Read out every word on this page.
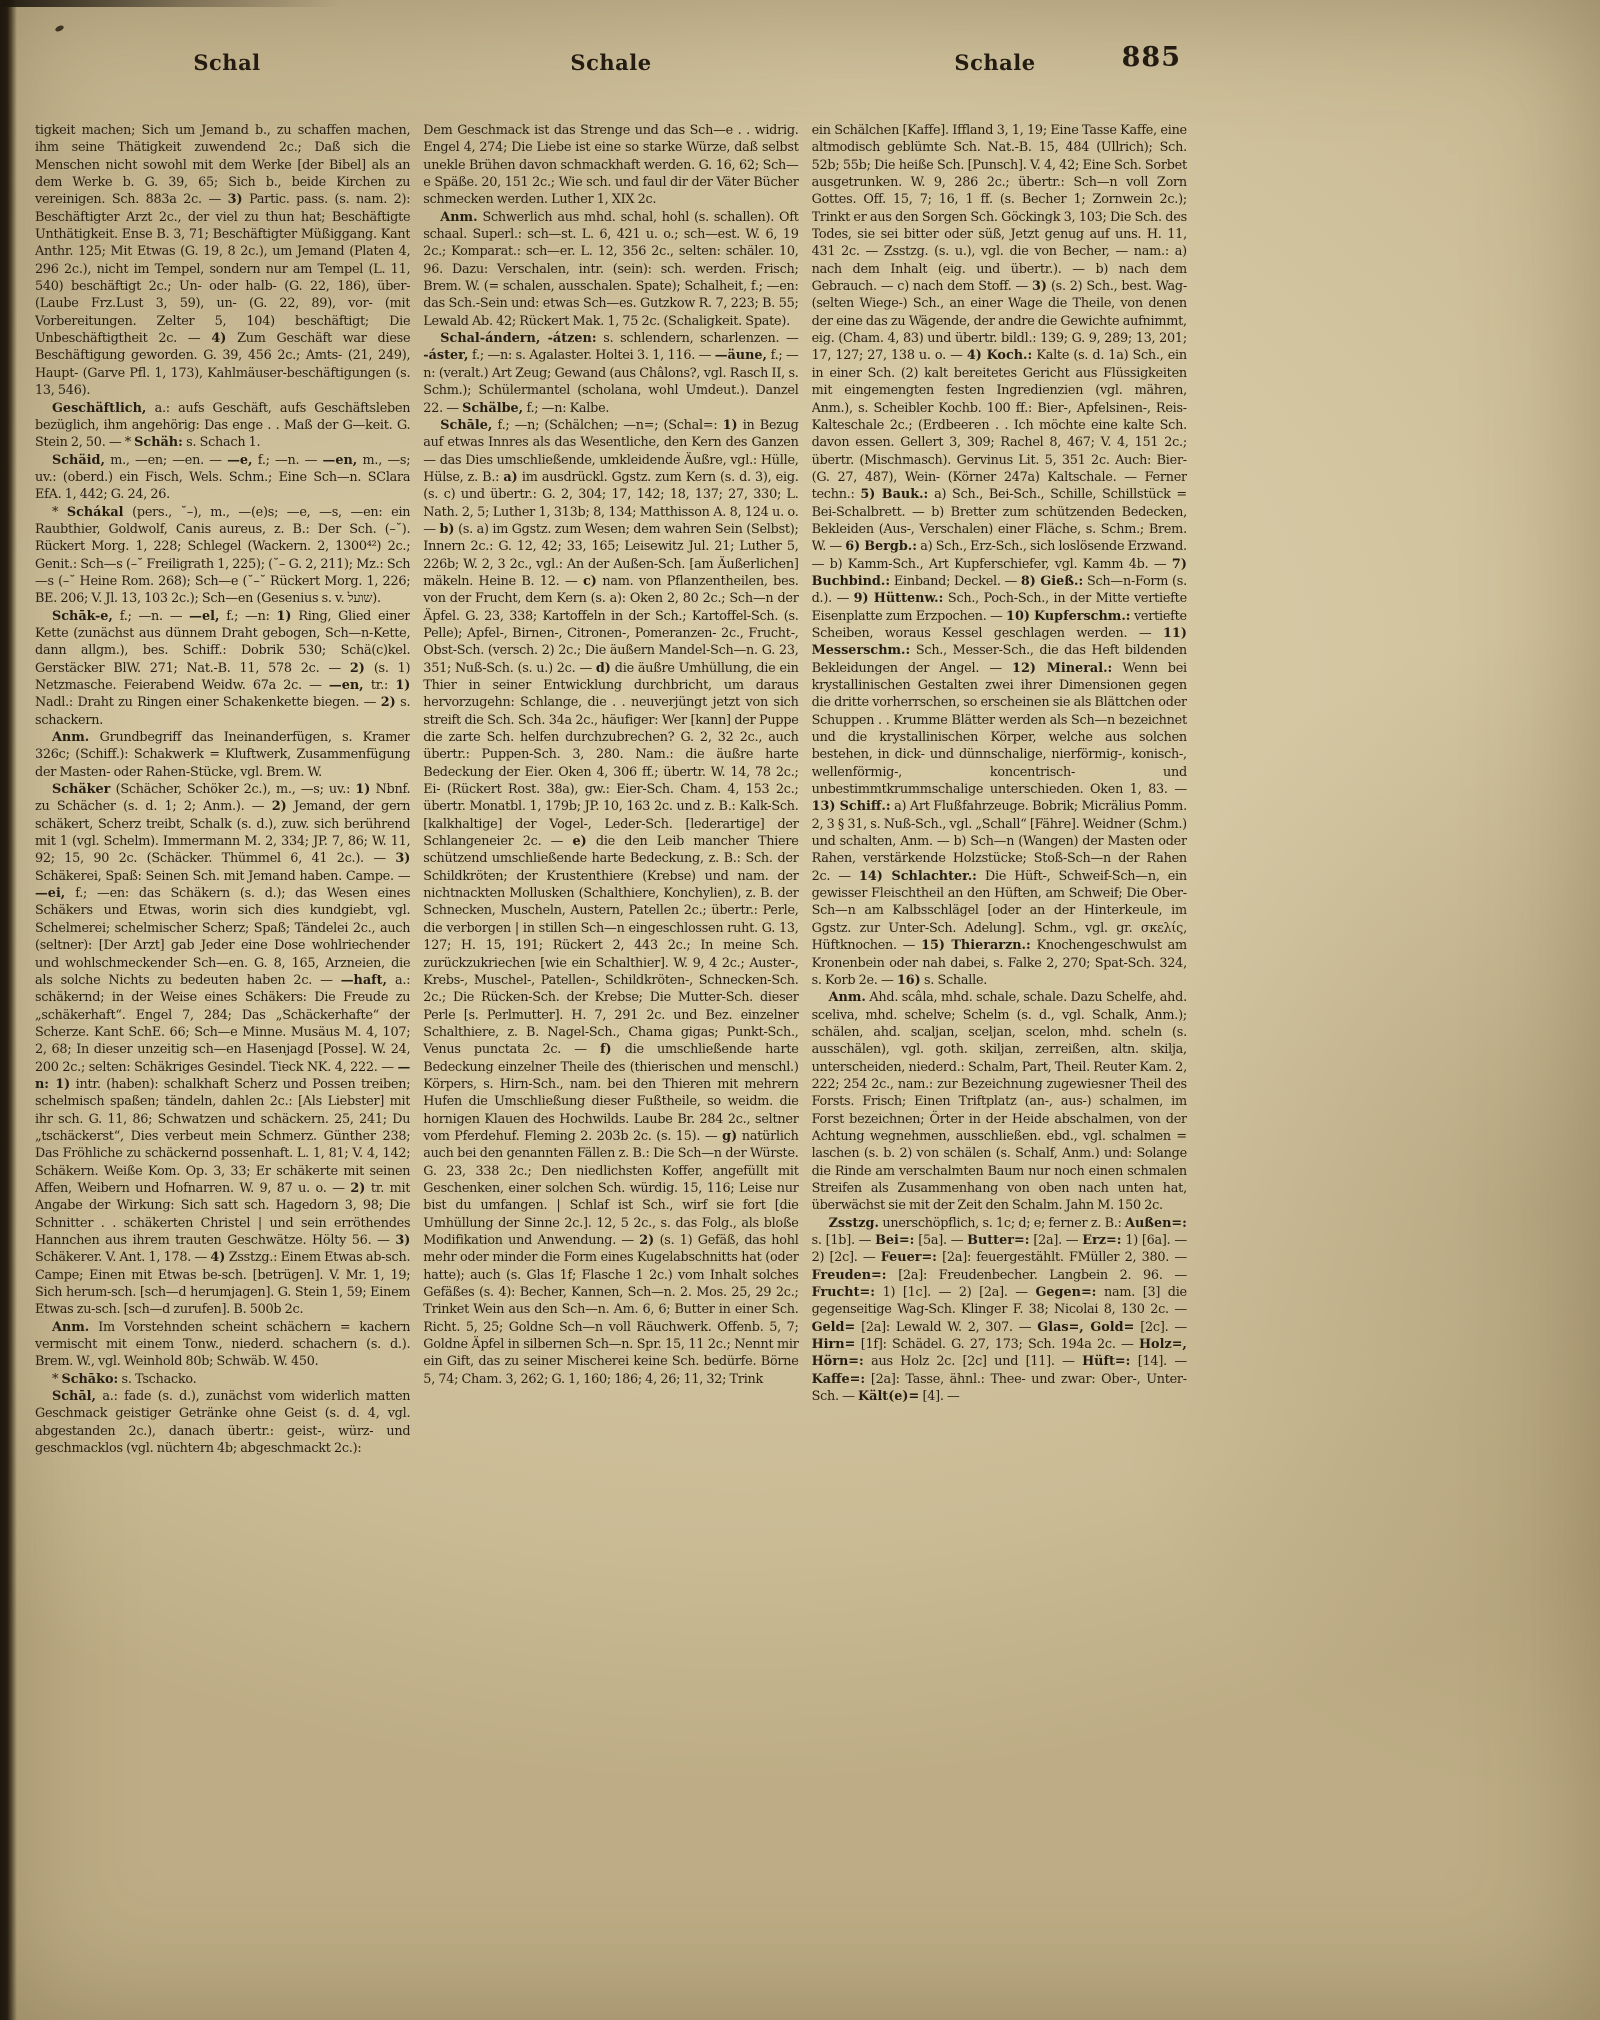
Schal	Schale	Schale	885

tigkeit machen; Sich um Jemand b., zu schaffen machen, ihm seine Thätigkeit zuwendend 2c.; Daß sich die Menschen nicht sowohl mit dem Werke [der Bibel] als an dem Werke b. G. 39, 65; Sich b., beide Kirchen zu vereinigen. Sch. 883a 2c. — 3) Partic. pass. (s. nam. 2): Beschäftigter Arzt 2c., der viel zu thun hat; Beschäftigte Unthätigkeit. Ense B. 3, 71; Beschäftigter Müßiggang. Kant Anthr. 125; Mit Etwas (G. 19, 8 2c.), um Jemand (Platen 4, 296 2c.), nicht im Tempel, sondern nur am Tempel (L. 11, 540) beschäftigt 2c.; Un- oder halb- (G. 22, 186), über- (Laube Frz.Lust 3, 59), un- (G. 22, 89), vor- (mit Vorbereitungen. Zelter 5, 104) beschäftigt; Die Unbeschäftigtheit 2c. — 4) Zum Geschäft war diese Beschäftigung geworden. G. 39, 456 2c.; Amts- (21, 249), Haupt- (Garve Pfl. 1, 173), Kahlmäuser-beschäftigungen (s. 13, 546).

Geschäftlich, a.: aufs Geschäft, aufs Geschäftsleben bezüglich, ihm angehörig: Das enge . . Maß der G—keit. G. Stein 2, 50. — * Schäh: s. Schach 1.

Schäid, m., —en; —en. — —e, f.; —n. — —en, m., —s; uv.: (oberd.) ein Fisch, Wels. Schm.; Eine Sch—n. SClara EfA. 1, 442; G. 24, 26.

* Schákal (pers., ˘–), m., —(e)s; —e, —s, —en: ein Raubthier, Goldwolf, Canis aureus, z. B.: Der Sch. (–˘). Rückert Morg. 1, 228; Schlegel (Wackern. 2, 1300⁴²) 2c.; Genit.: Sch—s (–˘ Freiligrath 1, 225); (˘– G. 2, 211); Mz.: Sch—s (–˘ Heine Rom. 268); Sch—e (˘–˘ Rückert Morg. 1, 226; BE. 206; V. Jl. 13, 103 2c.); Sch—en (Gesenius s. v. שועל).

Schāk-e, f.; —n. — —el, f.; —n: 1) Ring, Glied einer Kette (zunächst aus dünnem Draht gebogen, Sch—n-Kette, dann allgm.), bes. Schiff.: Dobrik 530; Schä(c)kel. Gerstäcker BlW. 271; Nat.-B. 11, 578 2c. — 2) (s. 1) Netzmasche. Feierabend Weidw. 67a 2c. — —en, tr.: 1) Nadl.: Draht zu Ringen einer Schakenkette biegen. — 2) s. schackern.

Anm. Grundbegriff das Ineinanderfügen, s. Kramer 326c; (Schiff.): Schakwerk = Kluftwerk, Zusammenfügung der Masten- oder Rahen-Stücke, vgl. Brem. W.

Schäker (Schächer, Schöker 2c.), m., —s; uv.: 1) Nbnf. zu Schächer (s. d. 1; 2; Anm.). — 2) Jemand, der gern schäkert, Scherz treibt, Schalk (s. d.), zuw. sich berührend mit 1 (vgl. Schelm). Immermann M. 2, 334; JP. 7, 86; W. 11, 92; 15, 90 2c. (Schäcker. Thümmel 6, 41 2c.). — 3) Schäkerei, Spaß: Seinen Sch. mit Jemand haben. Campe. — —ei, f.; —en: das Schäkern (s. d.); das Wesen eines Schäkers und Etwas, worin sich dies kundgiebt, vgl. Schelmerei; schelmischer Scherz; Spaß; Tändelei 2c., auch (seltner): [Der Arzt] gab Jeder eine Dose wohlriechender und wohlschmeckender Sch—en. G. 8, 165, Arzneien, die als solche Nichts zu bedeuten haben 2c. — —haft, a.: schäkernd; in der Weise eines Schäkers: Die Freude zu „schäkerhaft“. Engel 7, 284; Das „Schäckerhafte“ der Scherze. Kant SchE. 66; Sch—e Minne. Musäus M. 4, 107; 2, 68; In dieser unzeitig sch—en Hasenjagd [Posse]. W. 24, 200 2c.; selten: Schäkriges Gesindel. Tieck NK. 4, 222. — —n: 1) intr. (haben): schalkhaft Scherz und Possen treiben; schelmisch spaßen; tändeln, dahlen 2c.: [Als Liebster] mit ihr sch. G. 11, 86; Schwatzen und schäckern. 25, 241; Du „tschäckerst“, Dies verbeut mein Schmerz. Günther 238; Das Fröhliche zu schäckernd possenhaft. L. 1, 81; V. 4, 142; Schäkern. Weiße Kom. Op. 3, 33; Er schäkerte mit seinen Affen, Weibern und Hofnarren. W. 9, 87 u. o. — 2) tr. mit Angabe der Wirkung: Sich satt sch. Hagedorn 3, 98; Die Schnitter . . schäkerten Christel | und sein erröthendes Hannchen aus ihrem trauten Geschwätze. Hölty 56. — 3) Schäkerer. V. Ant. 1, 178. — 4) Zsstzg.: Einem Etwas ab-sch. Campe; Einen mit Etwas be-sch. [betrügen]. V. Mr. 1, 19; Sich herum-sch. [sch—d herumjagen]. G. Stein 1, 59; Einem Etwas zu-sch. [sch—d zurufen]. B. 500b 2c.

Anm. Im Vorstehnden scheint schächern = kachern vermischt mit einem Tonw., niederd. schachern (s. d.). Brem. W., vgl. Weinhold 80b; Schwäb. W. 450.

* Schāko: s. Tschacko.

Schāl, a.: fade (s. d.), zunächst vom widerlich matten Geschmack geistiger Getränke ohne Geist (s. d. 4, vgl. abgestanden 2c.), danach übertr.: geist-, würz- und geschmacklos (vgl. nüchtern 4b; abgeschmackt 2c.):

Dem Geschmack ist das Strenge und das Sch—e . . widrig. Engel 4, 274; Die Liebe ist eine so starke Würze, daß selbst unekle Brühen davon schmackhaft werden. G. 16, 62; Sch—e Späße. 20, 151 2c.; Wie sch. und faul dir der Väter Bücher schmecken werden. Luther 1, XIX 2c.

Anm. Schwerlich aus mhd. schal, hohl (s. schallen). Oft schaal. Superl.: sch—st. L. 6, 421 u. o.; sch—est. W. 6, 19 2c.; Komparat.: sch—er. L. 12, 356 2c., selten: schäler. 10, 96. Dazu: Verschalen, intr. (sein): sch. werden. Frisch; Brem. W. (= schalen, ausschalen. Spate); Schalheit, f.; —en: das Sch.-Sein und: etwas Sch—es. Gutzkow R. 7, 223; B. 55; Lewald Ab. 42; Rückert Mak. 1, 75 2c. (Schaligkeit. Spate).

Schal-ándern, -átzen: s. schlendern, scharlenzen. — -áster, f.; —n: s. Agalaster. Holtei 3. 1, 116. — —äune, f.; —n: (veralt.) Art Zeug; Gewand (aus Châlons?, vgl. Rasch II, s. Schm.); Schülermantel (scholana, wohl Umdeut.). Danzel 22. — Schälbe, f.; —n: Kalbe.

Schāle, f.; —n; (Schälchen; —n=; (Schal=: 1) in Bezug auf etwas Innres als das Wesentliche, den Kern des Ganzen — das Dies umschließende, umkleidende Äußre, vgl.: Hülle, Hülse, z. B.: a) im ausdrückl. Ggstz. zum Kern (s. d. 3), eig. (s. c) und übertr.: G. 2, 304; 17, 142; 18, 137; 27, 330; L. Nath. 2, 5; Luther 1, 313b; 8, 134; Matthisson A. 8, 124 u. o. — b) (s. a) im Ggstz. zum Wesen; dem wahren Sein (Selbst); Innern 2c.: G. 12, 42; 33, 165; Leisewitz Jul. 21; Luther 5, 226b; W. 2, 3 2c., vgl.: An der Außen-Sch. [am Äußerlichen] mäkeln. Heine B. 12. — c) nam. von Pflanzentheilen, bes. von der Frucht, dem Kern (s. a): Oken 2, 80 2c.; Sch—n der Äpfel. G. 23, 338; Kartoffeln in der Sch.; Kartoffel-Sch. (s. Pelle); Apfel-, Birnen-, Citronen-, Pomeranzen- 2c., Frucht-, Obst-Sch. (versch. 2) 2c.; Die äußern Mandel-Sch—n. G. 23, 351; Nuß-Sch. (s. u.) 2c. — d) die äußre Umhüllung, die ein Thier in seiner Entwicklung durchbricht, um daraus hervorzugehn: Schlange, die . . neuverjüngt jetzt von sich streift die Sch. Sch. 34a 2c., häufiger: Wer [kann] der Puppe die zarte Sch. helfen durchzubrechen? G. 2, 32 2c., auch übertr.: Puppen-Sch. 3, 280. Nam.: die äußre harte Bedeckung der Eier. Oken 4, 306 ff.; übertr. W. 14, 78 2c.; Ei- (Rückert Rost. 38a), gw.: Eier-Sch. Cham. 4, 153 2c.; übertr. Monatbl. 1, 179b; JP. 10, 163 2c. und z. B.: Kalk-Sch. [kalkhaltige] der Vogel-, Leder-Sch. [lederartige] der Schlangeneier 2c. — e) die den Leib mancher Thiere schützend umschließende harte Bedeckung, z. B.: Sch. der Schildkröten; der Krustenthiere (Krebse) und nam. der nichtnackten Mollusken (Schalthiere, Konchylien), z. B. der Schnecken, Muscheln, Austern, Patellen 2c.; übertr.: Perle, die verborgen | in stillen Sch—n eingeschlossen ruht. G. 13, 127; H. 15, 191; Rückert 2, 443 2c.; In meine Sch. zurückzukriechen [wie ein Schalthier]. W. 9, 4 2c.; Auster-, Krebs-, Muschel-, Patellen-, Schildkröten-, Schnecken-Sch. 2c.; Die Rücken-Sch. der Krebse; Die Mutter-Sch. dieser Perle [s. Perlmutter]. H. 7, 291 2c. und Bez. einzelner Schalthiere, z. B. Nagel-Sch., Chama gigas; Punkt-Sch., Venus punctata 2c. — f) die umschließende harte Bedeckung einzelner Theile des (thierischen und menschl.) Körpers, s. Hirn-Sch., nam. bei den Thieren mit mehrern Hufen die Umschließung dieser Fußtheile, so weidm. die hornigen Klauen des Hochwilds. Laube Br. 284 2c., seltner vom Pferdehuf. Fleming 2. 203b 2c. (s. 15). — g) natürlich auch bei den genannten Fällen z. B.: Die Sch—n der Würste. G. 23, 338 2c.; Den niedlichsten Koffer, angefüllt mit Geschenken, einer solchen Sch. würdig. 15, 116; Leise nur bist du umfangen. | Schlaf ist Sch., wirf sie fort [die Umhüllung der Sinne 2c.]. 12, 5 2c., s. das Folg., als bloße Modifikation und Anwendung. — 2) (s. 1) Gefäß, das hohl mehr oder minder die Form eines Kugelabschnitts hat (oder hatte); auch (s. Glas 1f; Flasche 1 2c.) vom Inhalt solches Gefäßes (s. 4): Becher, Kannen, Sch—n. 2. Mos. 25, 29 2c.; Trinket Wein aus den Sch—n. Am. 6, 6; Butter in einer Sch. Richt. 5, 25; Goldne Sch—n voll Räuchwerk. Offenb. 5, 7; Goldne Äpfel in silbernen Sch—n. Spr. 15, 11 2c.; Nennt mir ein Gift, das zu seiner Mischerei keine Sch. bedürfe. Börne 5, 74; Cham. 3, 262; G. 1, 160; 186; 4, 26; 11, 32; Trink

ein Schälchen [Kaffe]. Iffland 3, 1, 19; Eine Tasse Kaffe, eine altmodisch geblümte Sch. Nat.-B. 15, 484 (Ullrich); Sch. 52b; 55b; Die heiße Sch. [Punsch]. V. 4, 42; Eine Sch. Sorbet ausgetrunken. W. 9, 286 2c.; übertr.: Sch—n voll Zorn Gottes. Off. 15, 7; 16, 1 ff. (s. Becher 1; Zornwein 2c.); Trinkt er aus den Sorgen Sch. Göckingk 3, 103; Die Sch. des Todes, sie sei bitter oder süß, Jetzt genug auf uns. H. 11, 431 2c. — Zsstzg. (s. u.), vgl. die von Becher, — nam.: a) nach dem Inhalt (eig. und übertr.). — b) nach dem Gebrauch. — c) nach dem Stoff. — 3) (s. 2) Sch., best. Wag- (selten Wiege-) Sch., an einer Wage die Theile, von denen der eine das zu Wägende, der andre die Gewichte aufnimmt, eig. (Cham. 4, 83) und übertr. bildl.: 139; G. 9, 289; 13, 201; 17, 127; 27, 138 u. o. — 4) Koch.: Kalte (s. d. 1a) Sch., ein in einer Sch. (2) kalt bereitetes Gericht aus Flüssigkeiten mit eingemengten festen Ingredienzien (vgl. mähren, Anm.), s. Scheibler Kochb. 100 ff.: Bier-, Apfelsinen-, Reis-Kalteschale 2c.; (Erdbeeren . . Ich möchte eine kalte Sch. davon essen. Gellert 3, 309; Rachel 8, 467; V. 4, 151 2c.; übertr. (Mischmasch). Gervinus Lit. 5, 351 2c. Auch: Bier- (G. 27, 487), Wein- (Körner 247a) Kaltschale. — Ferner techn.: 5) Bauk.: a) Sch., Bei-Sch., Schille, Schillstück = Bei-Schalbrett. — b) Bretter zum schützenden Bedecken, Bekleiden (Aus-, Verschalen) einer Fläche, s. Schm.; Brem. W. — 6) Bergb.: a) Sch., Erz-Sch., sich loslösende Erzwand. — b) Kamm-Sch., Art Kupferschiefer, vgl. Kamm 4b. — 7) Buchbind.: Einband; Deckel. — 8) Gieß.: Sch—n-Form (s. d.). — 9) Hüttenw.: Sch., Poch-Sch., in der Mitte vertiefte Eisenplatte zum Erzpochen. — 10) Kupferschm.: vertiefte Scheiben, woraus Kessel geschlagen werden. — 11) Messerschm.: Sch., Messer-Sch., die das Heft bildenden Bekleidungen der Angel. — 12) Mineral.: Wenn bei krystallinischen Gestalten zwei ihrer Dimensionen gegen die dritte vorherrschen, so erscheinen sie als Blättchen oder Schuppen . . Krumme Blätter werden als Sch—n bezeichnet und die krystallinischen Körper, welche aus solchen bestehen, in dick- und dünnschalige, nierförmig-, konisch-, wellenförmig-, koncentrisch- und unbestimmtkrummschalige unterschieden. Oken 1, 83. — 13) Schiff.: a) Art Flußfahrzeuge. Bobrik; Micrälius Pomm. 2, 3 § 31, s. Nuß-Sch., vgl. „Schall“ [Fähre]. Weidner (Schm.) und schalten, Anm. — b) Sch—n (Wangen) der Masten oder Rahen, verstärkende Holzstücke; Stoß-Sch—n der Rahen 2c. — 14) Schlachter.: Die Hüft-, Schweif-Sch—n, ein gewisser Fleischtheil an den Hüften, am Schweif; Die Ober-Sch—n am Kalbsschlägel [oder an der Hinterkeule, im Ggstz. zur Unter-Sch. Adelung]. Schm., vgl. gr. σκελίς, Hüftknochen. — 15) Thierarzn.: Knochengeschwulst am Kronenbein oder nah dabei, s. Falke 2, 270; Spat-Sch. 324, s. Korb 2e. — 16) s. Schalle.

Anm. Ahd. scâla, mhd. schale, schale. Dazu Schelfe, ahd. sceliva, mhd. schelve; Schelm (s. d., vgl. Schalk, Anm.); schälen, ahd. scaljan, sceljan, scelon, mhd. scheln (s. ausschälen), vgl. goth. skiljan, zerreißen, altn. skilja, unterscheiden, niederd.: Schalm, Part, Theil. Reuter Kam. 2, 222; 254 2c., nam.: zur Bezeichnung zugewiesner Theil des Forsts. Frisch; Einen Triftplatz (an-, aus-) schalmen, im Forst bezeichnen; Örter in der Heide abschalmen, von der Achtung wegnehmen, ausschließen. ebd., vgl. schalmen = laschen (s. b. 2) von schälen (s. Schalf, Anm.) und: Solange die Rinde am verschalmten Baum nur noch einen schmalen Streifen als Zusammenhang von oben nach unten hat, überwächst sie mit der Zeit den Schalm. Jahn M. 150 2c.

Zsstzg. unerschöpflich, s. 1c; d; e; ferner z. B.: Außen=: s. [1b]. — Bei=: [5a]. — Butter=: [2a]. — Erz=: 1) [6a]. — 2) [2c]. — Feuer=: [2a]: feuergestählt. FMüller 2, 380. — Freuden=: [2a]: Freudenbecher. Langbein 2. 96. — Frucht=: 1) [1c]. — 2) [2a]. — Gegen=: nam. [3] die gegenseitige Wag-Sch. Klinger F. 38; Nicolai 8, 130 2c. — Geld= [2a]: Lewald W. 2, 307. — Glas=, Gold= [2c]. — Hirn= [1f]: Schädel. G. 27, 173; Sch. 194a 2c. — Holz=, Hörn=: aus Holz 2c. [2c] und [11]. — Hüft=: [14]. — Kaffe=: [2a]: Tasse, ähnl.: Thee- und zwar: Ober-, Unter-Sch. — Kält(e)= [4]. —
